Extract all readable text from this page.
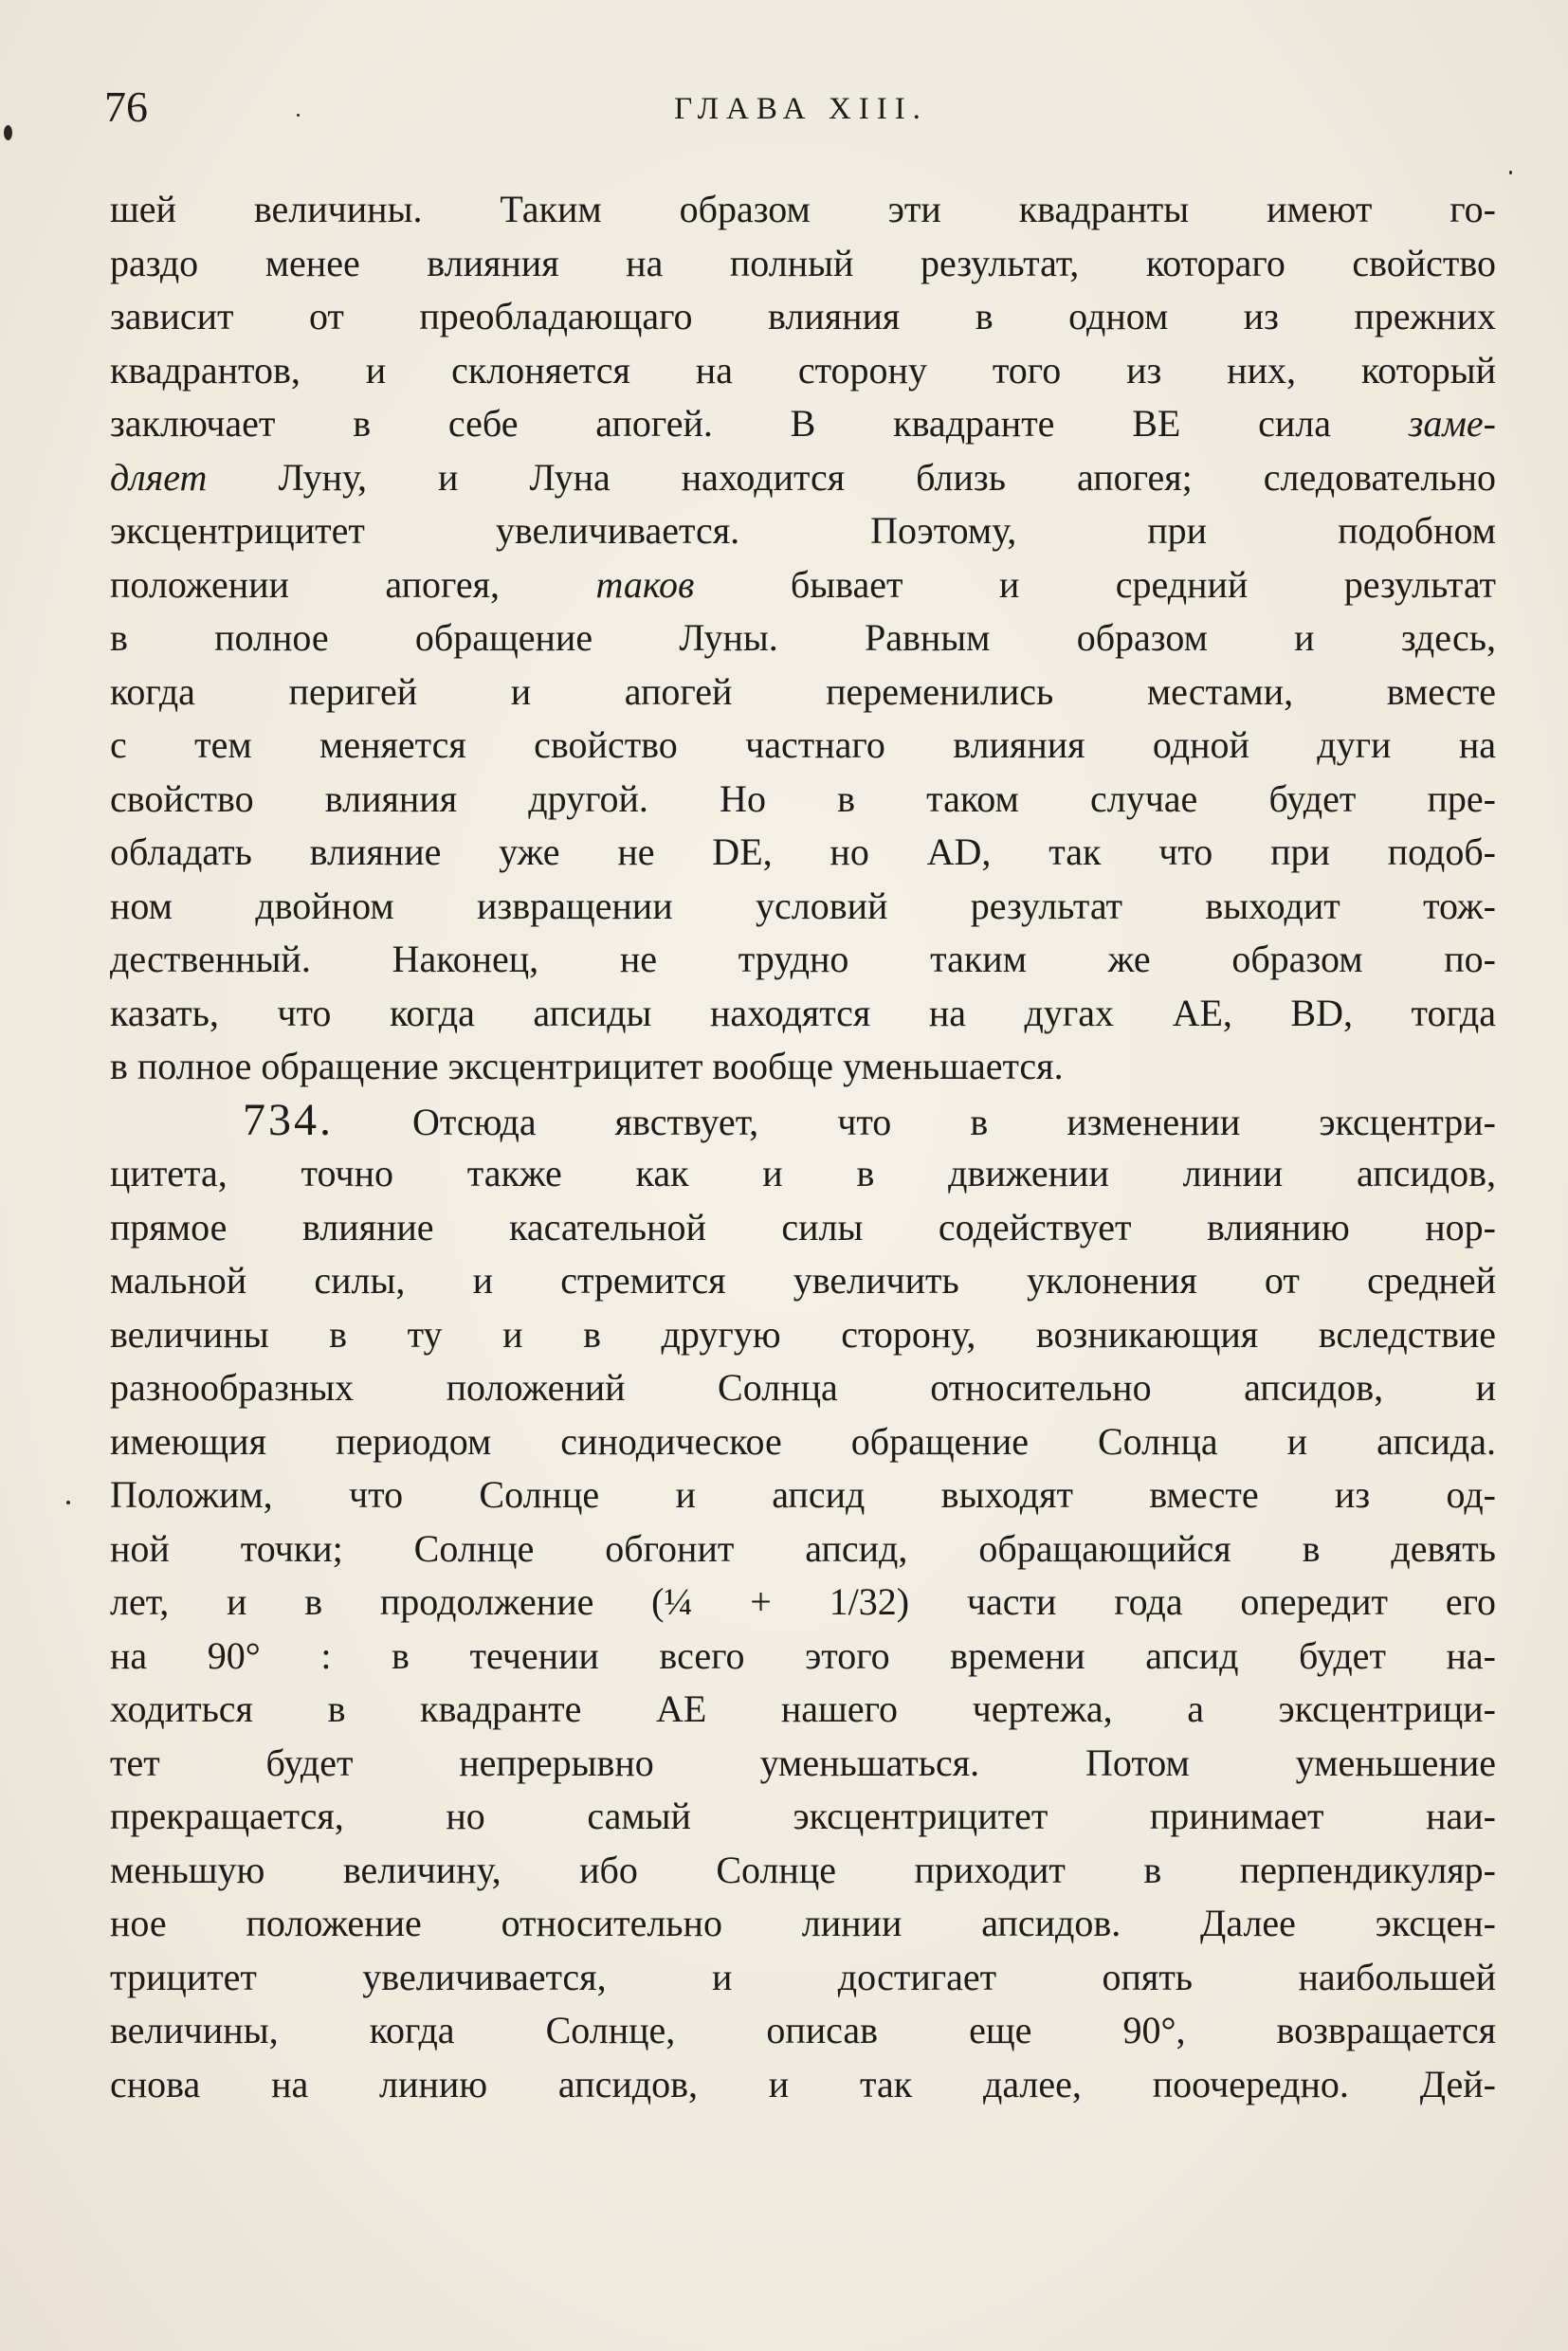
76	ГЛАВА XIII.
шей величины. Таким образом эти квадранты имеют го-
раздо менее влияния на полный результат, котораго свойство
зависит от преобладающаго влияния в одном из прежних
квадрантов, и склоняется на сторону того из них, который
заключает в себе апогей. В квадранте BE сила заме-
дляет Луну, и Луна находится близь апогея; следовательно
эксцентрицитет увеличивается. Поэтому, при подобном
положении апогея,	таков	бывает и средний результат
в полное обращение Луны. Равным образом и здесь,
когда перигей и апогей переменились местами, вместе
с тем меняется свойство частнаго влияния одной дуги на
свойство влияния другой. Но в таком случае будет пре-
обладать влияние уже не DE, но AD, так что при подоб-
ном двойном извращении условий результат выходит тож-
дественный. Наконец, не трудно таким же образом по-
казать, что когда апсиды находятся на дугах AE, BD, тогда
в полное обращение эксцентрицитет вообще уменьшается.
734. Отсюда явствует, что в изменении эксцентри-
цитета, точно также как и в движении линии апсидов,
прямое влияние касательной силы содействует влиянию нор-
мальной силы, и стремится увеличить уклонения от средней
величины в ту и в другую сторону, возникающия вследствие
разнообразных положений Солнца относительно апсидов, и
имеющия периодом синодическое обращение Солнца и апсида.
Положим, что Солнце и апсид выходят вместе из од-
ной точки; Солнце обгонит апсид, обращающийся в девять
лет, и в продолжение (¼ + 1/32) части года опередит его
на 90° : в течении всего этого времени апсид будет на-
ходиться в квадранте AE нашего чертежа, а эксцентрици-
тет будет непрерывно уменьшаться. Потом уменьшение
прекращается, но самый эксцентрицитет принимает наи-
меньшую величину, ибо Солнце приходит в перпендикуляр-
ное положение относительно линии апсидов. Далее эксцен-
трицитет увеличивается, и достигает опять наибольшей
величины, когда Солнце, описав еще 90°, возвращается
снова на линию апсидов, и так далее, поочередно. Дей-
